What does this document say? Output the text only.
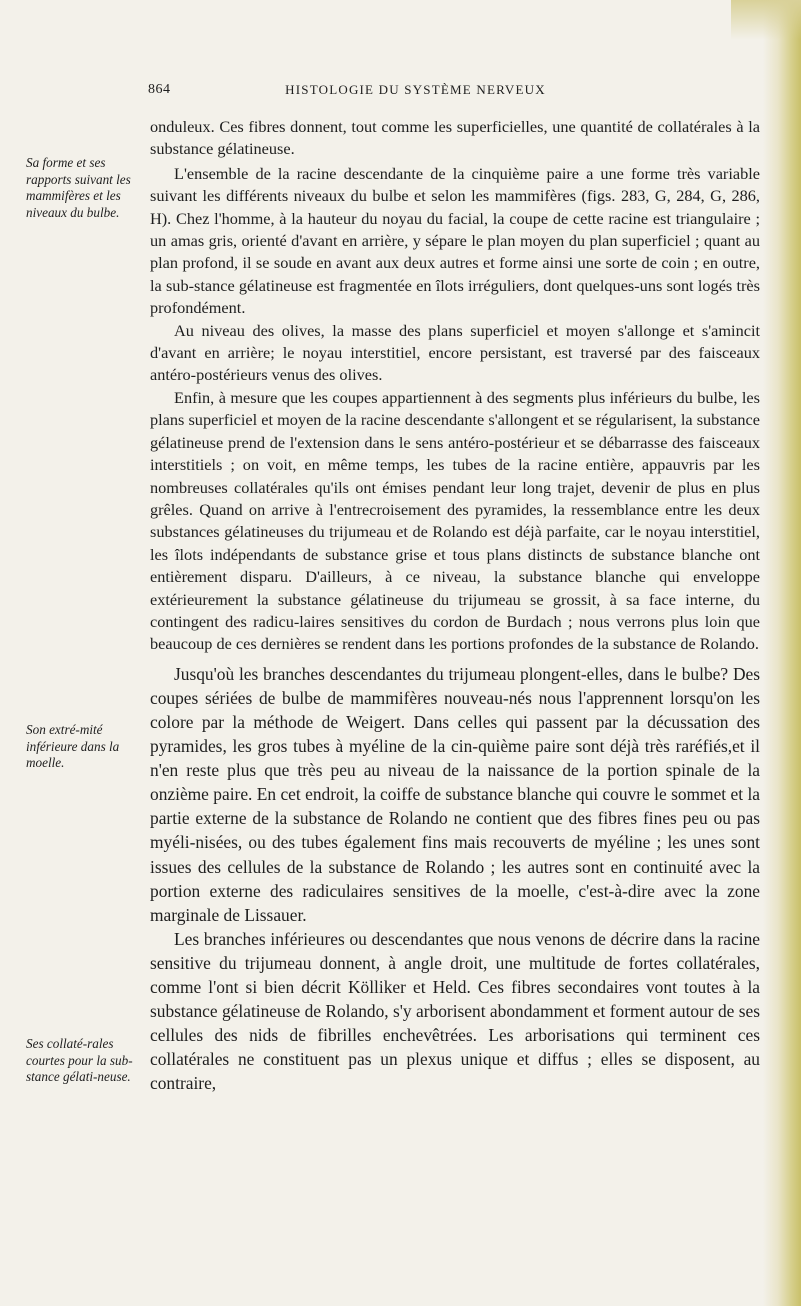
864	HISTOLOGIE DU SYSTÈME NERVEUX
Sa forme et ses rapports suivant les mammifères et les niveaux du bulbe.
Son extré-mité inférieure dans la moelle.
Ses collaté-rales courtes pour la sub-stance gélati-neuse.

onduleux. Ces fibres donnent, tout comme les superficielles, une quantité de collatérales à la substance gélatineuse.

L'ensemble de la racine descendante de la cinquième paire a une forme très variable suivant les différents niveaux du bulbe et selon les mammifères (figs. 283, G, 284, G, 286, H). Chez l'homme, à la hauteur du noyau du facial, la coupe de cette racine est triangulaire ; un amas gris, orienté d'avant en arrière, y sépare le plan moyen du plan superficiel ; quant au plan profond, il se soude en avant aux deux autres et forme ainsi une sorte de coin ; en outre, la sub-stance gélatineuse est fragmentée en îlots irréguliers, dont quelques-uns sont logés très profondément.

Au niveau des olives, la masse des plans superficiel et moyen s'allonge et s'amincit d'avant en arrière; le noyau interstitiel, encore persistant, est traversé par des faisceaux antéro-postérieurs venus des olives.

Enfin, à mesure que les coupes appartiennent à des segments plus inférieurs du bulbe, les plans superficiel et moyen de la racine descendante s'allongent et se régularisent, la substance gélatineuse prend de l'extension dans le sens antéro-postérieur et se débarrasse des faisceaux interstitiels ; on voit, en même temps, les tubes de la racine entière, appauvris par les nombreuses collatérales qu'ils ont émises pendant leur long trajet, devenir de plus en plus grêles. Quand on arrive à l'entrecroisement des pyramides, la ressemblance entre les deux substances gélatineuses du trijumeau et de Rolando est déjà parfaite, car le noyau interstitiel, les îlots indépendants de substance grise et tous plans distincts de substance blanche ont entièrement disparu. D'ailleurs, à ce niveau, la substance blanche qui enveloppe extérieurement la substance gélatineuse du trijumeau se grossit, à sa face interne, du contingent des radicu-laires sensitives du cordon de Burdach ; nous verrons plus loin que beaucoup de ces dernières se rendent dans les portions profondes de la substance de Rolando.

Jusqu'où les branches descendantes du trijumeau plongent-elles, dans le bulbe? Des coupes sériées de bulbe de mammifères nouveau-nés nous l'apprennent lorsqu'on les colore par la méthode de Weigert. Dans celles qui passent par la décussation des pyramides, les gros tubes à myéline de la cin-quième paire sont déjà très raréfiés,et il n'en reste plus que très peu au niveau de la naissance de la portion spinale de la onzième paire. En cet endroit, la coiffe de substance blanche qui couvre le sommet et la partie externe de la substance de Rolando ne contient que des fibres fines peu ou pas myéli-nisées, ou des tubes également fins mais recouverts de myéline ; les unes sont issues des cellules de la substance de Rolando ; les autres sont en continuité avec la portion externe des radiculaires sensitives de la moelle, c'est-à-dire avec la zone marginale de Lissauer.

Les branches inférieures ou descendantes que nous venons de décrire dans la racine sensitive du trijumeau donnent, à angle droit, une multitude de fortes collatérales, comme l'ont si bien décrit Kölliker et Held. Ces fibres secondaires vont toutes à la substance gélatineuse de Rolando, s'y arborisent abondamment et forment autour de ses cellules des nids de fibrilles enchevêtrées. Les arborisations qui terminent ces collatérales ne constituent pas un plexus unique et diffus ; elles se disposent, au contraire,
